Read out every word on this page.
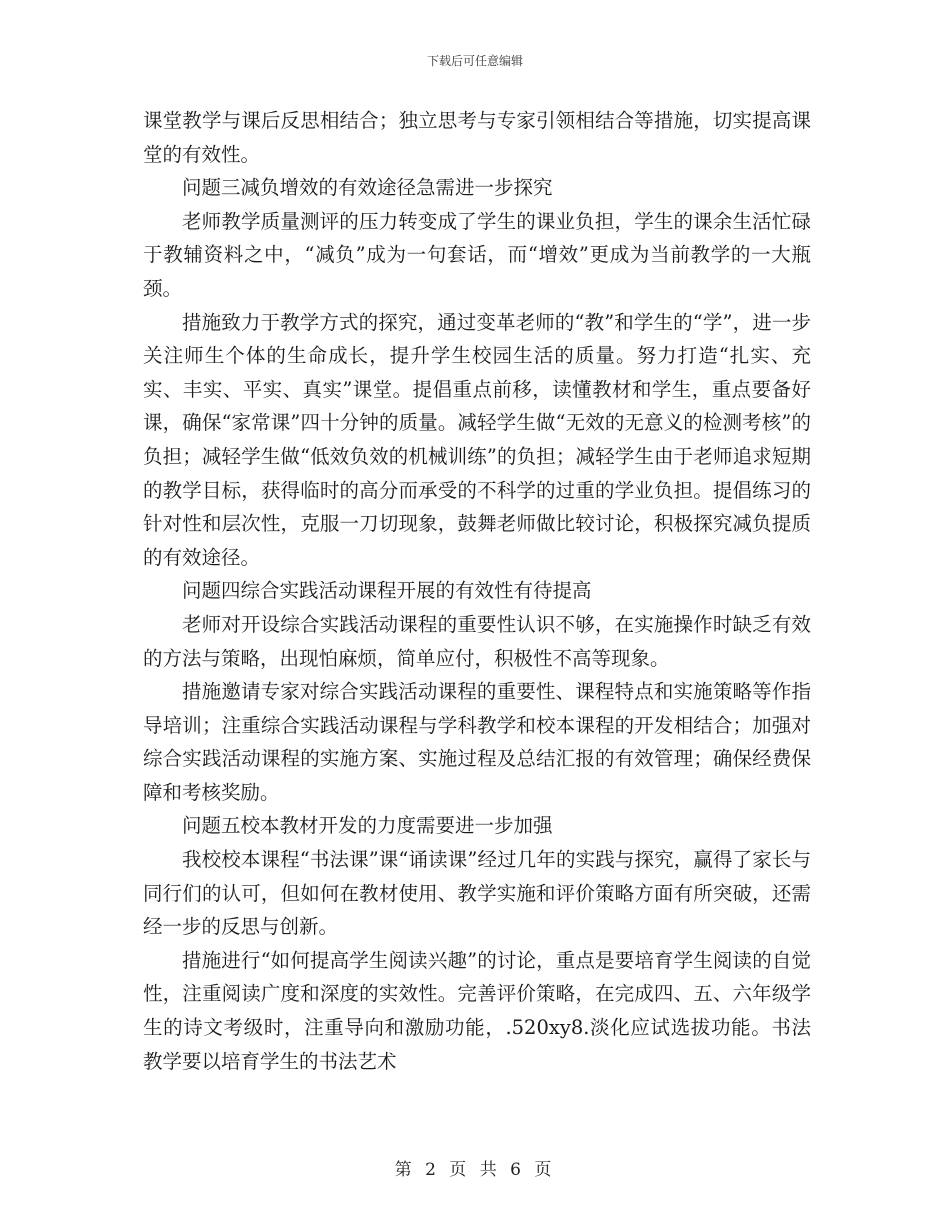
下载后可任意编辑

课堂教学与课后反思相结合；独立思考与专家引领相结合等措施，切实提高课堂的有效性。

问题三减负增效的有效途径急需进一步探究

老师教学质量测评的压力转变成了学生的课业负担，学生的课余生活忙碌于教辅资料之中，“减负”成为一句套话，而“增效”更成为当前教学的一大瓶颈。

措施致力于教学方式的探究，通过变革老师的“教”和学生的“学”，进一步关注师生个体的生命成长，提升学生校园生活的质量。努力打造“扎实、充实、丰实、平实、真实”课堂。提倡重点前移，读懂教材和学生，重点要备好课，确保“家常课”四十分钟的质量。减轻学生做“无效的无意义的检测考核”的负担；减轻学生做“低效负效的机械训练”的负担；减轻学生由于老师追求短期的教学目标，获得临时的高分而承受的不科学的过重的学业负担。提倡练习的针对性和层次性，克服一刀切现象，鼓舞老师做比较讨论，积极探究减负提质的有效途径。

问题四综合实践活动课程开展的有效性有待提高

老师对开设综合实践活动课程的重要性认识不够，在实施操作时缺乏有效的方法与策略，出现怕麻烦，简单应付，积极性不高等现象。

措施邀请专家对综合实践活动课程的重要性、课程特点和实施策略等作指导培训；注重综合实践活动课程与学科教学和校本课程的开发相结合；加强对综合实践活动课程的实施方案、实施过程及总结汇报的有效管理；确保经费保障和考核奖励。

问题五校本教材开发的力度需要进一步加强

我校校本课程“书法课”课“诵读课”经过几年的实践与探究，赢得了家长与同行们的认可，但如何在教材使用、教学实施和评价策略方面有所突破，还需经一步的反思与创新。

措施进行“如何提高学生阅读兴趣”的讨论，重点是要培育学生阅读的自觉性，注重阅读广度和深度的实效性。完善评价策略，在完成四、五、六年级学生的诗文考级时，注重导向和激励功能，.520xy8.淡化应试选拔功能。书法教学要以培育学生的书法艺术

第 2 页 共 6 页
